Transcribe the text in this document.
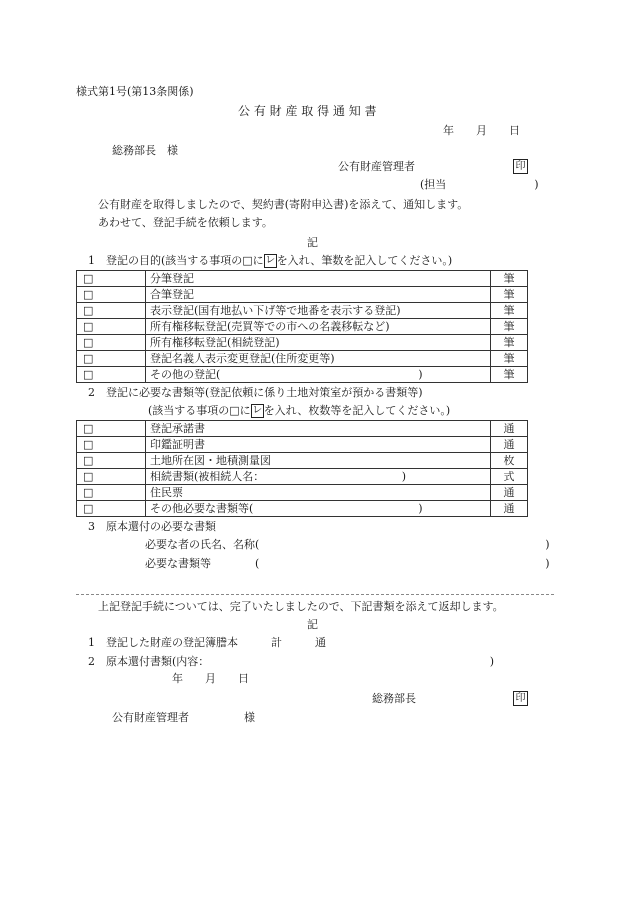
様式第1号(第13条関係)
公 有 財 産 取 得 通 知 書
年　　月　　日
総務部長　様
公有財産管理者	印
(担当　　　　　　　　)
公有財産を取得しましたので、契約書(寄附申込書)を添えて、通知します。
あわせて、登記手続を依頼します。
記
1　登記の目的(該当する事項の□に レ を入れ、筆数を記入してください。)
□	分筆登記	筆
□	合筆登記	筆
□	表示登記(国有地払い下げ等で地番を表示する登記)	筆
□	所有権移転登記(売買等での市への名義移転など)	筆
□	所有権移転登記(相続登記)	筆
□	登記名義人表示変更登記(住所変更等)	筆
□	その他の登記(　　　　　　　　　　　　　　　　　　)	筆
2　登記に必要な書類等(登記依頼に係り土地対策室が預かる書類等)
(該当する事項の□に レ を入れ、枚数等を記入してください。)
□	登記承諾書	通
□	印鑑証明書	通
□	土地所在図・地積測量図	枚
□	相続書類(被相続人名：　　　　　　　　　　　　　)	式
□	住民票	通
□	その他必要な書類等(　　　　　　　　　　　　　　　)	通
3　原本還付の必要な書類
必要な者の氏名、名称(　　　　　　　　　　　　　　　　　　　　　　　　　　)
必要な書類等　　　　(　　　　　　　　　　　　　　　　　　　　　　　　　　)
上記登記手続については、完了いたしましたので、下記書類を添えて返却します。
記
1　登記した財産の登記簿謄本　　　計　　　通
2　原本還付書類(内容：　　　　　　　　　　　　　　　　　　　　　　　　　　)
年　　月　　日
総務部長	印
公有財産管理者　　　　　様
